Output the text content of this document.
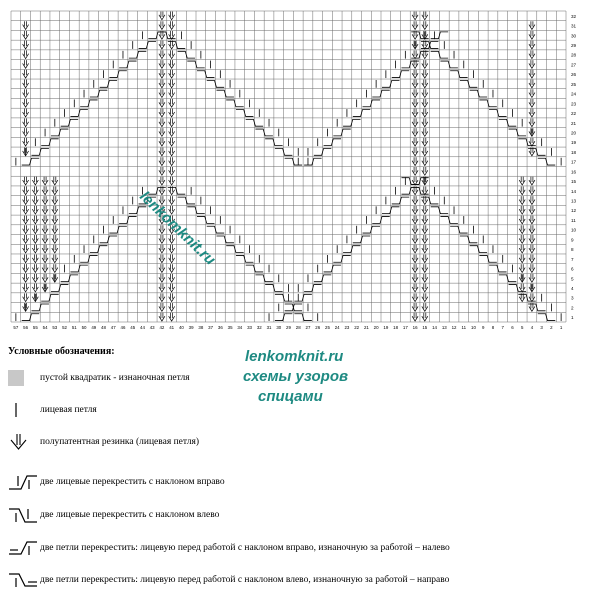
1
2
3
4
5
6
7
8
9
10
11
12
13
14
15
16
17
18
19
20
21
22
23
24
25
26
27
28
29
30
31
32
57 56 55 54 53 52 51 50 49 48 47 46 45 44 43 42 41 40 39 38 37 36 35 34 33 32 31 30 29 28 27 26 25 24 23 22 21 20 19 18 17 16 15 14 13 12 11 10 9 8 7 6 5 4 3 2 1
lenkomknit.ru
Условные обозначения:
пустой квадратик - изнаночная петля
лицевая петля
полупатентная резинка (лицевая петля)
две лицевые перекрестить с наклоном вправо
две лицевые перекрестить с наклоном влево
две петли перекрестить: лицевую перед работой с наклоном вправо, изнаночную за работой – налево
две петли перекрестить: лицевую перед работой с наклоном влево, изнаночную за работой – направо
lenkomknit.ru
схемы узоров
спицами
